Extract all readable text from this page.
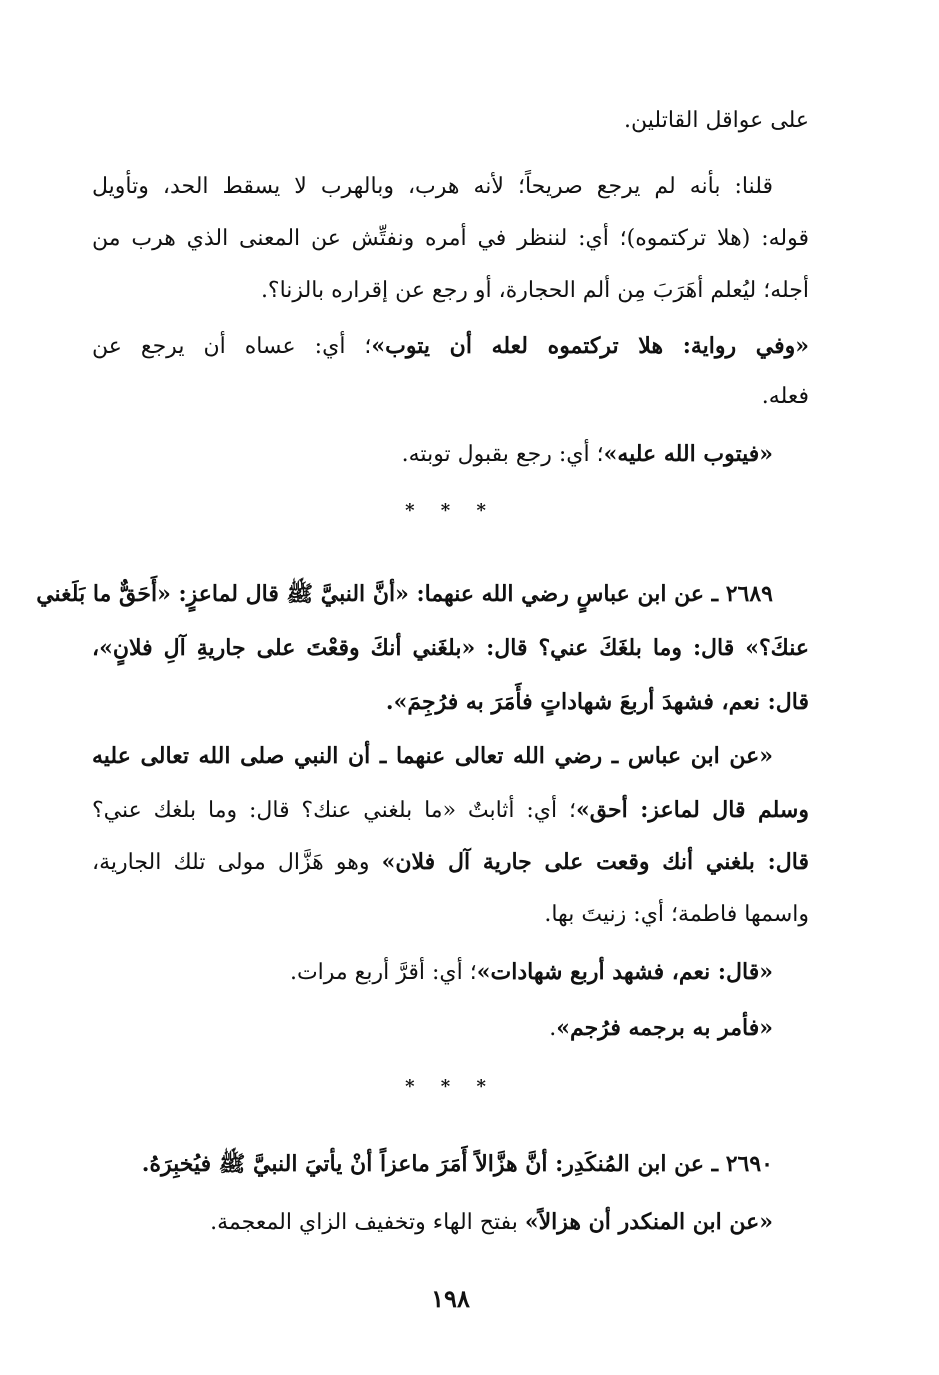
على عواقل القاتلين.
قلنا: بأنه لم يرجع صريحاً؛ لأنه هرب، وبالهرب لا يسقط الحد، وتأويل
قوله: (هلا تركتموه)؛ أي: لننظر في أمره ونفتِّش عن المعنى الذي هرب من
أجله؛ ليُعلم أهَرَبَ مِن ألم الحجارة، أو رجع عن إقراره بالزنا؟.
«وفي رواية: هلا تركتموه لعله أن يتوب»؛ أي: عساه أن يرجع عن
فعله.
«فيتوب الله عليه»؛ أي: رجع بقبول توبته.
* * *
٢٦٨٩ ـ عن ابن عباسٍ رضي الله عنهما: «أنَّ النبيَّ ﷺ قال لماعزٍ: «أَحَقٌّ ما بَلَغني
عنكَ؟» قال: وما بلغَكَ عني؟ قال: «بلغَني أنكَ وقعْتَ على جاريةِ آلِ فلانٍ»،
قال: نعم، فشهدَ أربعَ شهاداتٍ فأَمَرَ به فرُجِمَ».
«عن ابن عباس ـ رضي الله تعالى عنهما ـ أن النبي صلى الله تعالى عليه
وسلم قال لماعز: أحق»؛ أي: أثابتٌ «ما بلغني عنك؟ قال: وما بلغك عني؟
قال: بلغني أنك وقعت على جارية آل فلان» وهو هَزَّال مولى تلك الجارية،
واسمها فاطمة؛ أي: زنيتَ بها.
«قال: نعم، فشهد أربع شهادات»؛ أي: أقرَّ أربع مرات.
«فأمر به برجمه فرُجم».
* * *
٢٦٩٠ ـ عن ابن المُنكَدِر: أنَّ هزَّالاً أَمَرَ ماعزاً أنْ يأتيَ النبيَّ ﷺ فيُخبِرَهُ.
«عن ابن المنكدر أن هزالاً» بفتح الهاء وتخفيف الزاي المعجمة.
١٩٨
